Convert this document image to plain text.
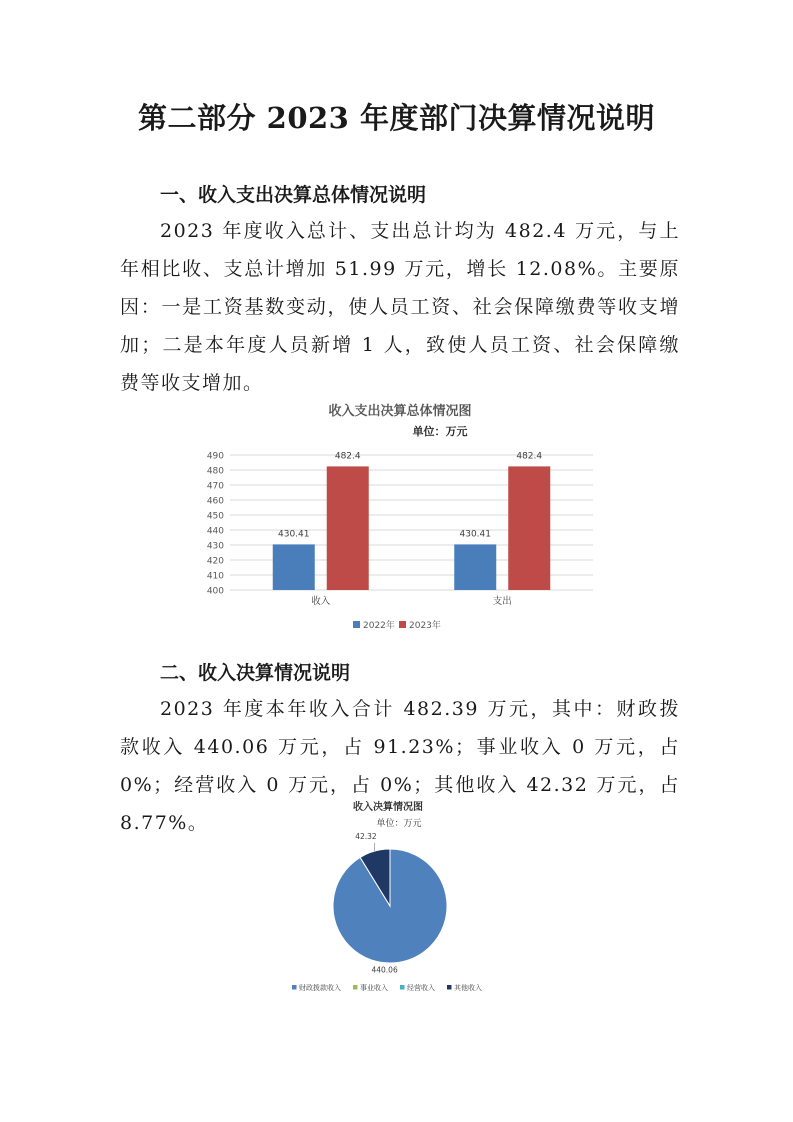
第二部分 2023 年度部门决算情况说明
一、收入支出决算总体情况说明
2023 年度收入总计、支出总计均为 482.4 万元，与上年相比收、支总计增加 51.99 万元，增长 12.08%。主要原因：一是工资基数变动，使人员工资、社会保障缴费等收支增加；二是本年度人员新增 1 人，致使人员工资、社会保障缴费等收支增加。
收入支出决算总体情况图
单位：万元
400
410
420
430
440
450
460
470
480
490
430.41
482.4
430.41
482.4
收入	支出
2022年 2023年
二、收入决算情况说明
2023 年度本年收入合计 482.39 万元，其中：财政拨款收入 440.06 万元，占 91.23%；事业收入 0 万元，占 0%；经营收入 0 万元，占 0%；其他收入 42.32 万元，占 8.77%。
收入决算情况图
单位：万元
440.06
42.32
财政拨款收入	事业收入	经营收入	其他收入
